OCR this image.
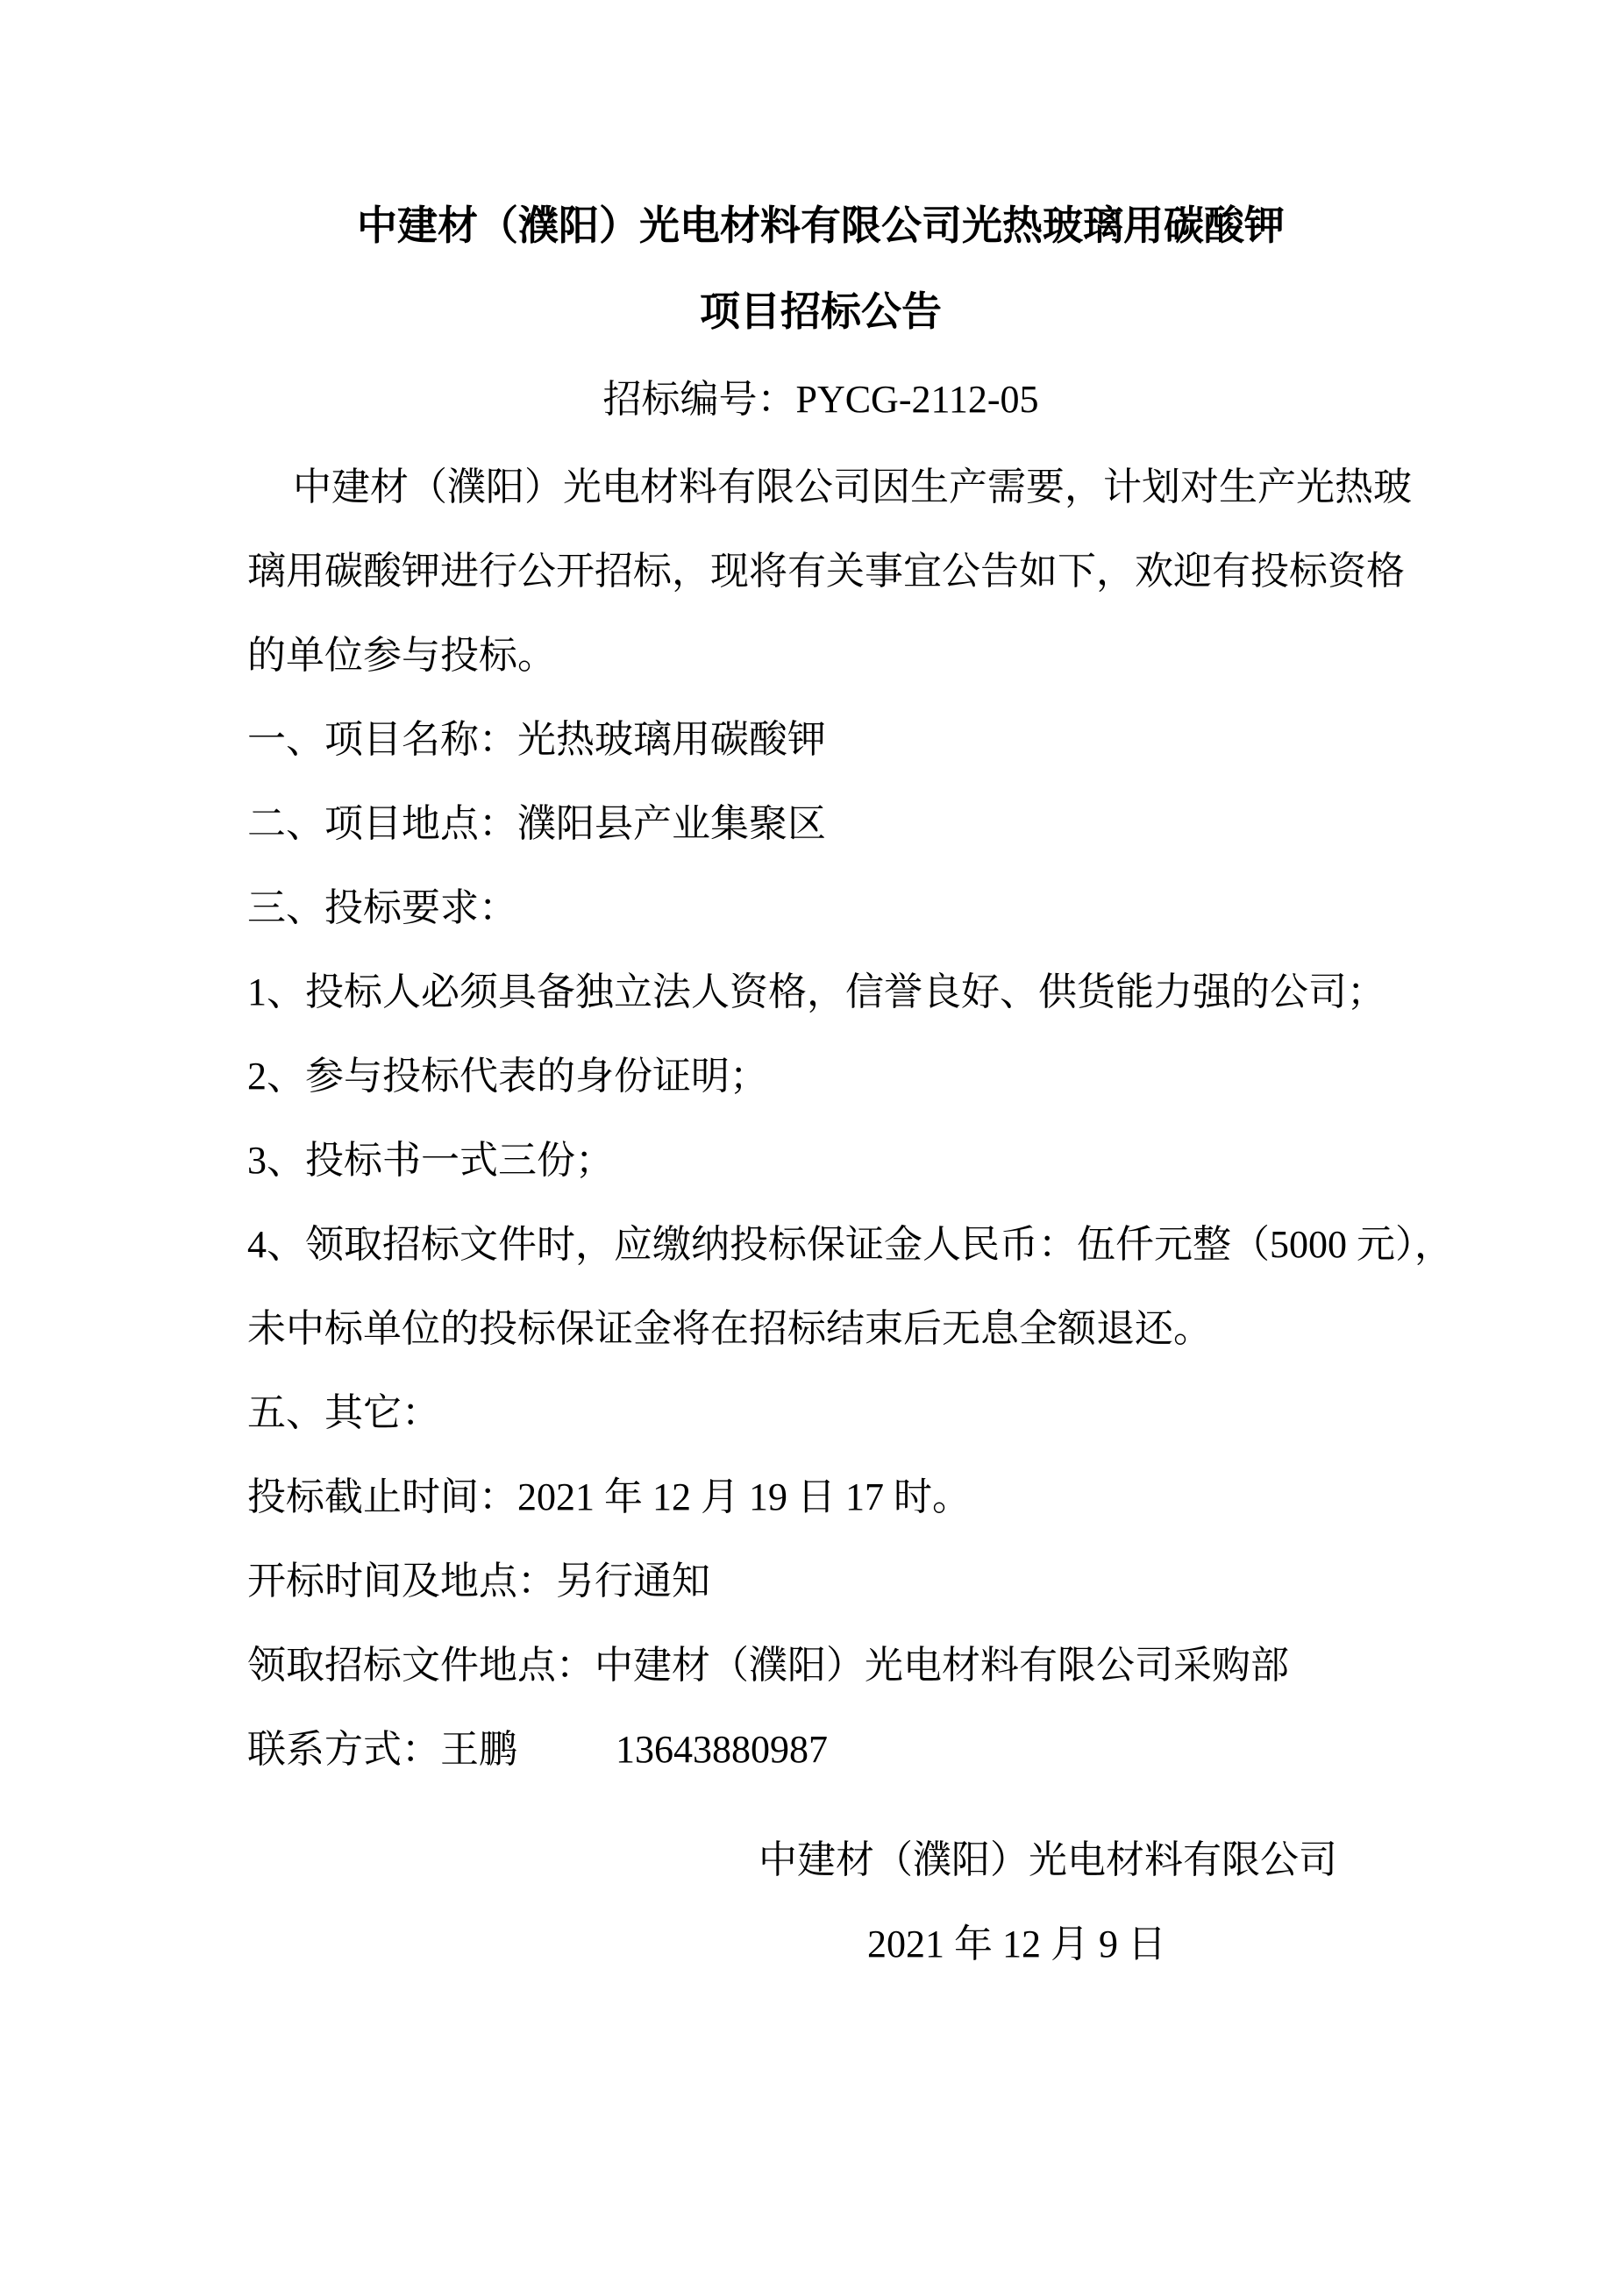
中建材（濮阳）光电材料有限公司光热玻璃用碳酸钾
项目招标公告
招标编号：PYCG-2112-05
中建材（濮阳）光电材料有限公司因生产需要，计划对生产光热玻
璃用碳酸钾进行公开招标，现将有关事宜公告如下，欢迎有投标资格
的单位参与投标。
一、项目名称：光热玻璃用碳酸钾
二、项目地点：濮阳县产业集聚区
三、投标要求：
1、投标人必须具备独立法人资格，信誉良好、供货能力强的公司；
2、参与投标代表的身份证明；
3、投标书一式三份；
4、领取招标文件时，应缴纳投标保证金人民币：伍仟元整（5000 元），
未中标单位的投标保证金将在招标结束后无息全额退还。
五、其它：
投标截止时间：2021 年 12 月 19 日 17 时。
开标时间及地点：另行通知
领取招标文件地点：中建材（濮阳）光电材料有限公司采购部
联系方式：王鹏	13643880987
中建材（濮阳）光电材料有限公司
2021 年 12 月 9 日
